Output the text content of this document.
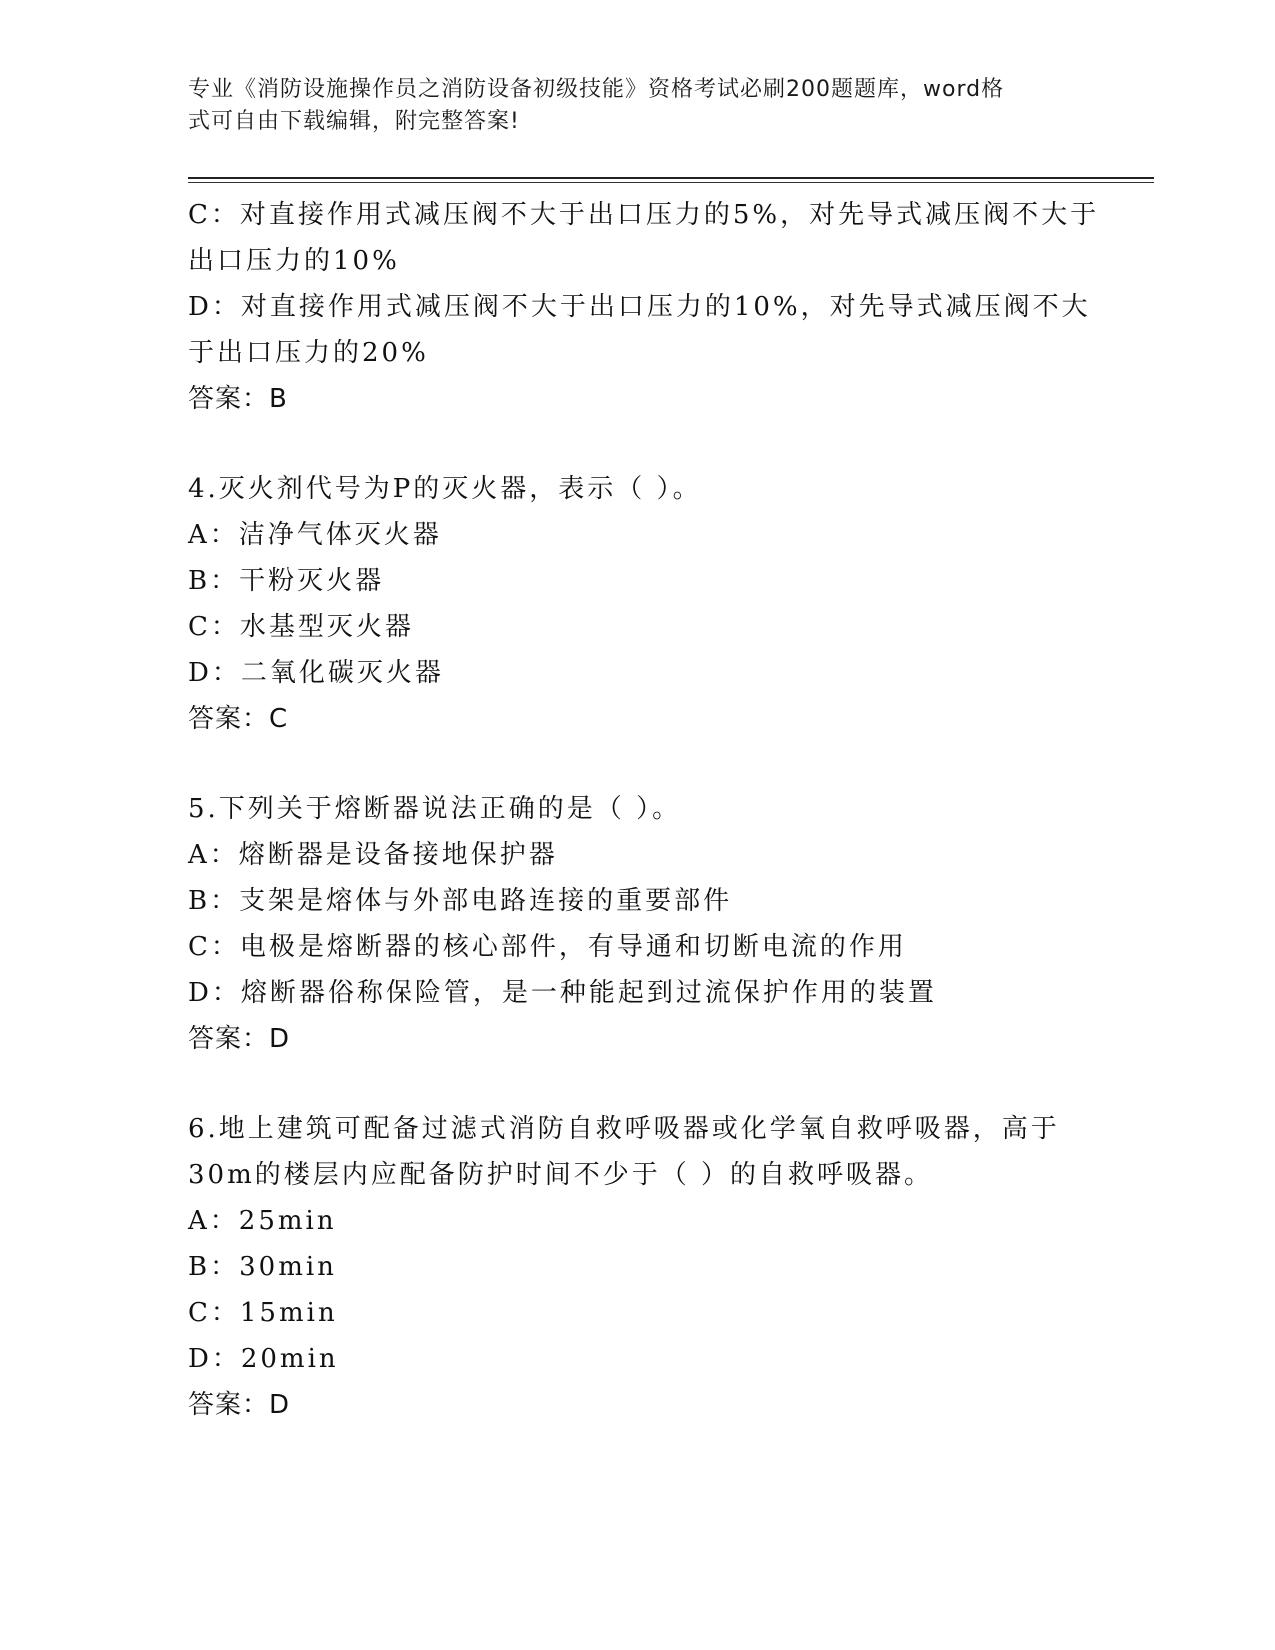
专业《消防设施操作员之消防设备初级技能》资格考试必刷200题题库，word格
式可自由下载编辑，附完整答案!
C：对直接作用式减压阀不大于出口压力的5%，对先导式减压阀不大于
出口压力的10%
D：对直接作用式减压阀不大于出口压力的10%，对先导式减压阀不大
于出口压力的20%
答案：B
4.灭火剂代号为P的灭火器，表示（ ）。
A：洁净气体灭火器
B：干粉灭火器
C：水基型灭火器
D：二氧化碳灭火器
答案：C
5.下列关于熔断器说法正确的是（ ）。
A：熔断器是设备接地保护器
B：支架是熔体与外部电路连接的重要部件
C：电极是熔断器的核心部件，有导通和切断电流的作用
D：熔断器俗称保险管，是一种能起到过流保护作用的装置
答案：D
6.地上建筑可配备过滤式消防自救呼吸器或化学氧自救呼吸器，高于
30m的楼层内应配备防护时间不少于（ ）的自救呼吸器。
A：25min
B：30min
C：15min
D：20min
答案：D
